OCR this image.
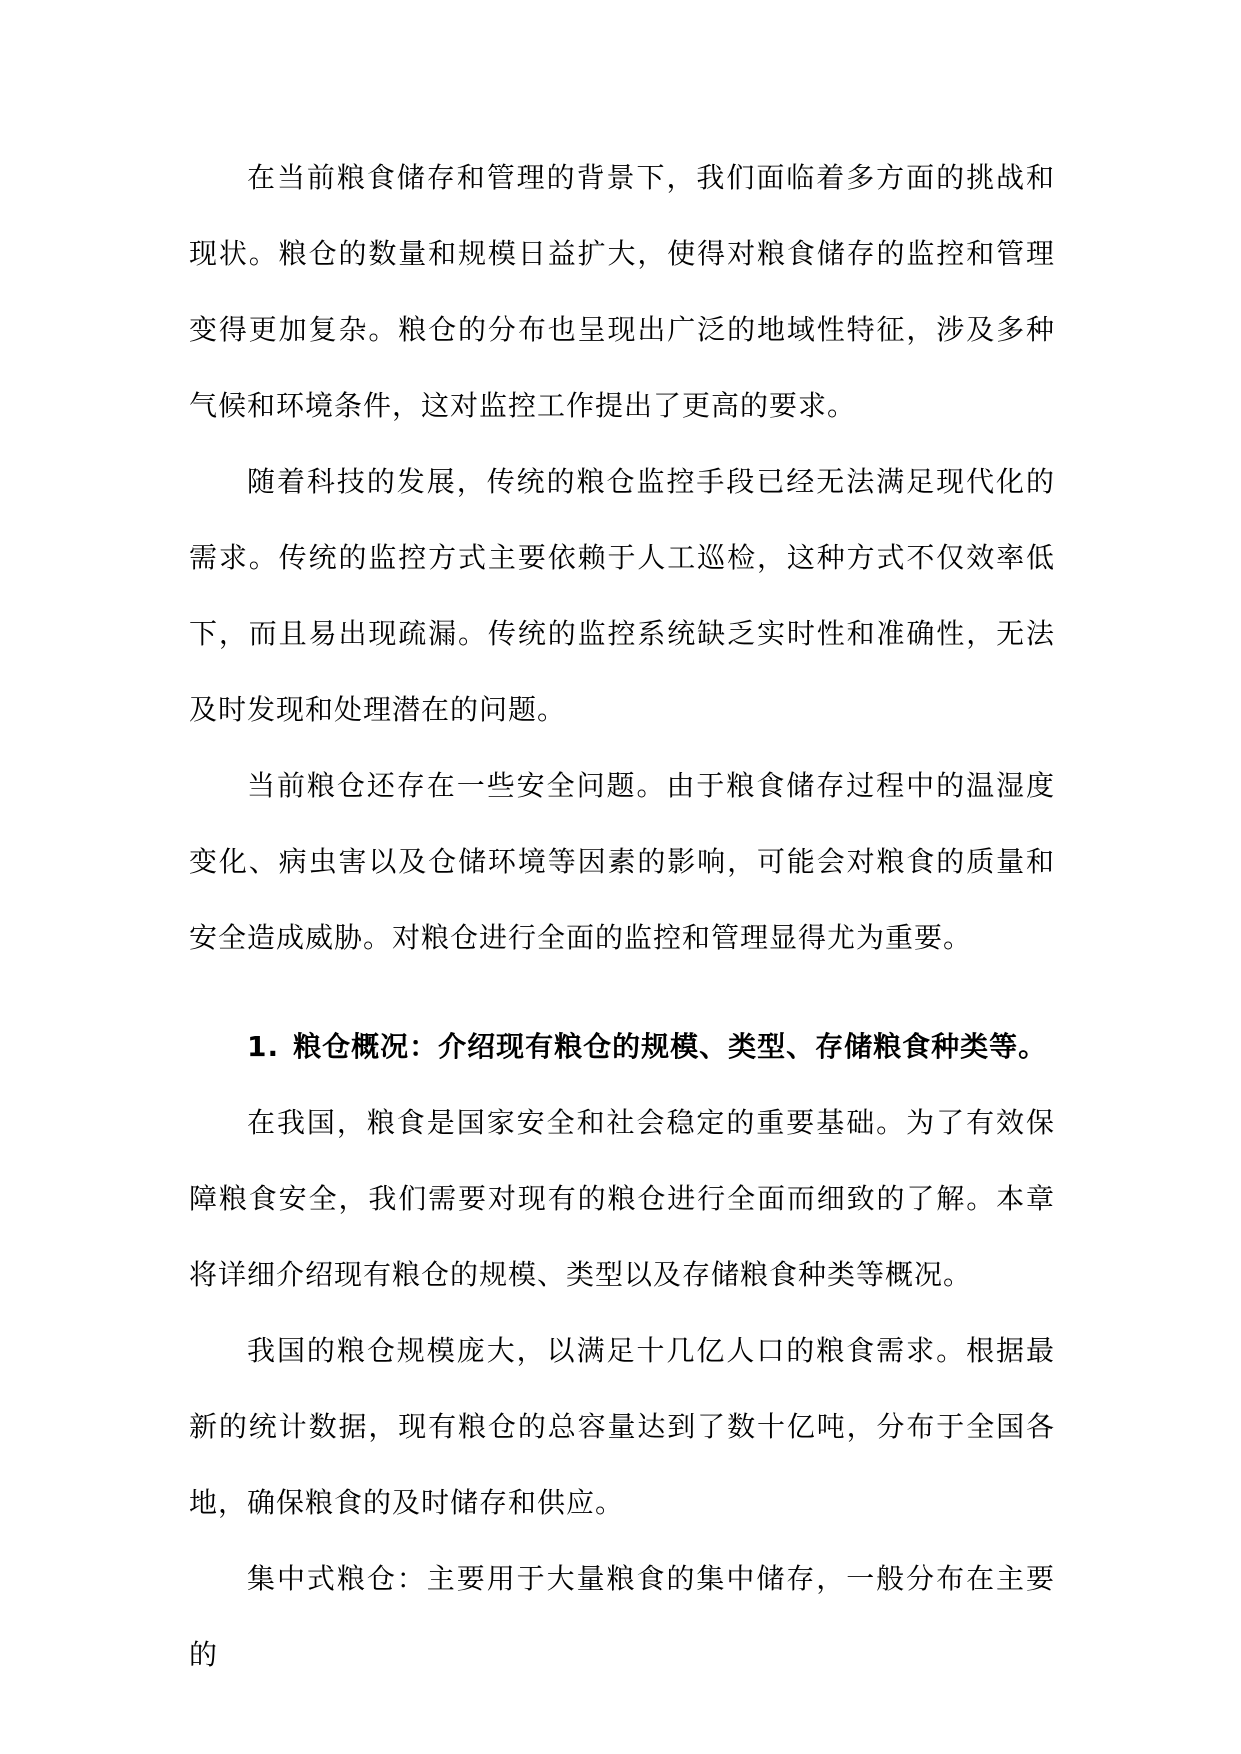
在当前粮食储存和管理的背景下，我们面临着多方面的挑战和现状。粮仓的数量和规模日益扩大，使得对粮食储存的监控和管理变得更加复杂。粮仓的分布也呈现出广泛的地域性特征，涉及多种气候和环境条件，这对监控工作提出了更高的要求。

随着科技的发展，传统的粮仓监控手段已经无法满足现代化的需求。传统的监控方式主要依赖于人工巡检，这种方式不仅效率低下，而且易出现疏漏。传统的监控系统缺乏实时性和准确性，无法及时发现和处理潜在的问题。

当前粮仓还存在一些安全问题。由于粮食储存过程中的温湿度变化、病虫害以及仓储环境等因素的影响，可能会对粮食的质量和安全造成威胁。对粮仓进行全面的监控和管理显得尤为重要。

1. 粮仓概况：介绍现有粮仓的规模、类型、存储粮食种类等。

在我国，粮食是国家安全和社会稳定的重要基础。为了有效保障粮食安全，我们需要对现有的粮仓进行全面而细致的了解。本章将详细介绍现有粮仓的规模、类型以及存储粮食种类等概况。

我国的粮仓规模庞大，以满足十几亿人口的粮食需求。根据最新的统计数据，现有粮仓的总容量达到了数十亿吨，分布于全国各地，确保粮食的及时储存和供应。

集中式粮仓：主要用于大量粮食的集中储存，一般分布在主要的
